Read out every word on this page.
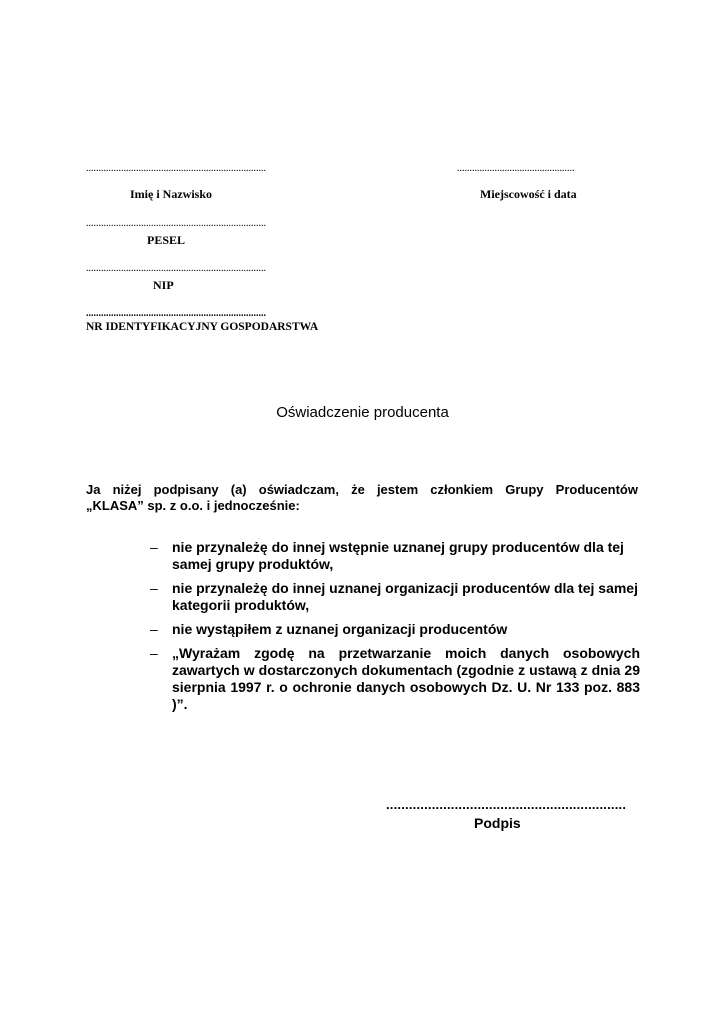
........................................................................
Imię i Nazwisko
...............................................
Miejscowość i data
........................................................................
PESEL
........................................................................
NIP
........................................................................
NR IDENTYFIKACYJNY GOSPODARSTWA
Oświadczenie producenta
Ja niżej podpisany (a) oświadczam, że jestem członkiem Grupy Producentów
„KLASA” sp. z o.o. i jednocześnie:
– nie przynależę do innej wstępnie uznanej grupy producentów dla tej samej grupy produktów,
– nie przynależę do innej uznanej organizacji producentów dla tej samej kategorii produktów,
– nie wystąpiłem z uznanej organizacji producentów
– „Wyrażam zgodę na przetwarzanie moich danych osobowych zawartych w dostarczonych dokumentach (zgodnie z ustawą z dnia 29 sierpnia 1997 r. o ochronie danych osobowych Dz. U. Nr 133 poz. 883 )”.
...............................................................
Podpis
